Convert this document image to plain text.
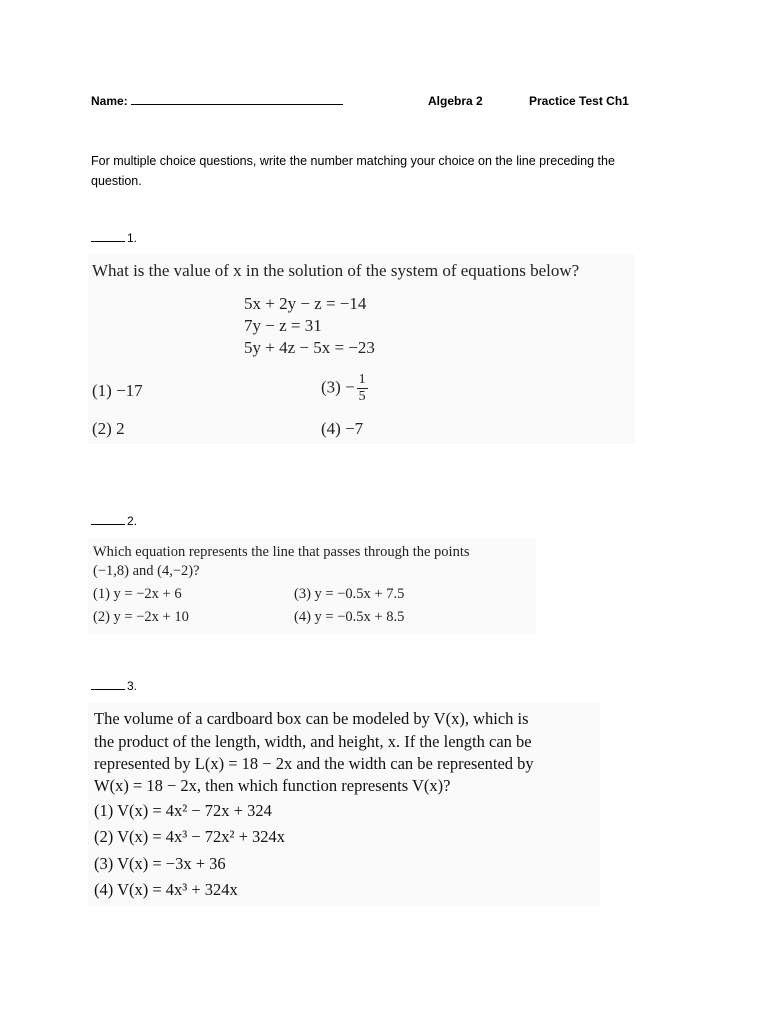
Name:	Algebra 2	Practice Test Ch1
For multiple choice questions, write the number matching your choice on the line preceding the
question.
1.
What is the value of x in the solution of the system of equations below?
5x + 2y − z = −14
7y − z = 31
5y + 4z − 5x = −23
(1) −17	$(3) - \frac{1}{5}$
(2) 2	(4) −7
2.
Which equation represents the line that passes through the points
(−1,8) and (4,−2)?
(1) y = −2x + 6	(3) y = −0.5x + 7.5
(2) y = −2x + 10	(4) y = −0.5x + 8.5
3.
The volume of a cardboard box can be modeled by V(x), which is
the product of the length, width, and height, x. If the length can be
represented by L(x) = 18 − 2x and the width can be represented by
W(x) = 18 − 2x, then which function represents V(x)?
(1) V(x) = 4x² − 72x + 324
(2) V(x) = 4x³ − 72x² + 324x
(3) V(x) = −3x + 36
(4) V(x) = 4x³ + 324x
